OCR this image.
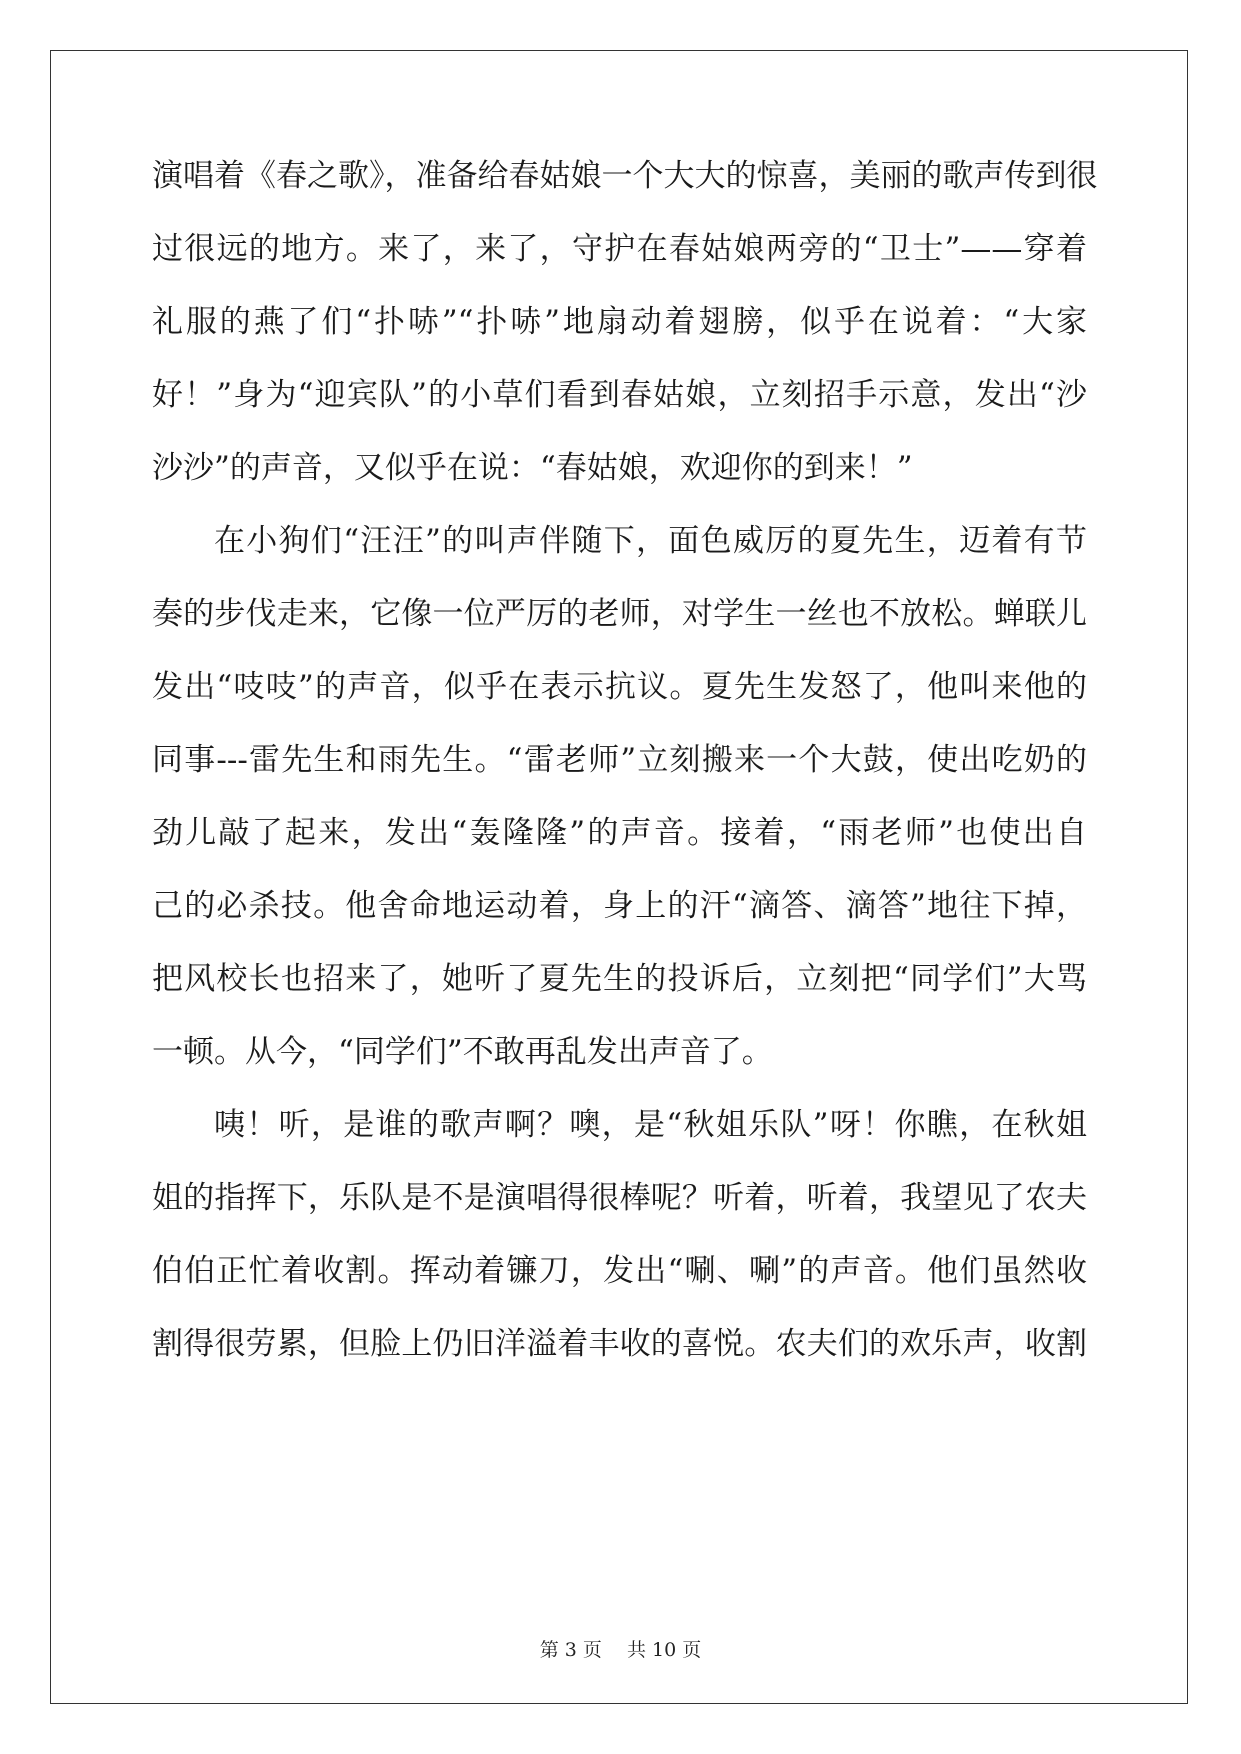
演唱着《春之歌》，准备给春姑娘一个大大的惊喜，美丽的歌声传到很
过很远的地方。来了，来了，守护在春姑娘两旁的“卫士”——穿着
礼服的燕了们“扑哧”“扑哧”地扇动着翅膀，似乎在说着：“大家
好！”身为“迎宾队”的小草们看到春姑娘，立刻招手示意，发出“沙
沙沙”的声音，又似乎在说：“春姑娘，欢迎你的到来！”
在小狗们“汪汪”的叫声伴随下，面色威厉的夏先生，迈着有节
奏的步伐走来，它像一位严厉的老师，对学生一丝也不放松。蝉联儿
发出“吱吱”的声音，似乎在表示抗议。夏先生发怒了，他叫来他的
同事---雷先生和雨先生。“雷老师”立刻搬来一个大鼓，使出吃奶的
劲儿敲了起来，发出“轰隆隆”的声音。接着，“雨老师”也使出自
己的必杀技。他舍命地运动着，身上的汗“滴答、滴答”地往下掉，
把风校长也招来了，她听了夏先生的投诉后，立刻把“同学们”大骂
一顿。从今，“同学们”不敢再乱发出声音了。
咦！听，是谁的歌声啊？噢，是“秋姐乐队”呀！你瞧，在秋姐
姐的指挥下，乐队是不是演唱得很棒呢？听着，听着，我望见了农夫
伯伯正忙着收割。挥动着镰刀，发出“唰、唰”的声音。他们虽然收
割得很劳累，但脸上仍旧洋溢着丰收的喜悦。农夫们的欢乐声，收割
第 3 页　 共 10 页
